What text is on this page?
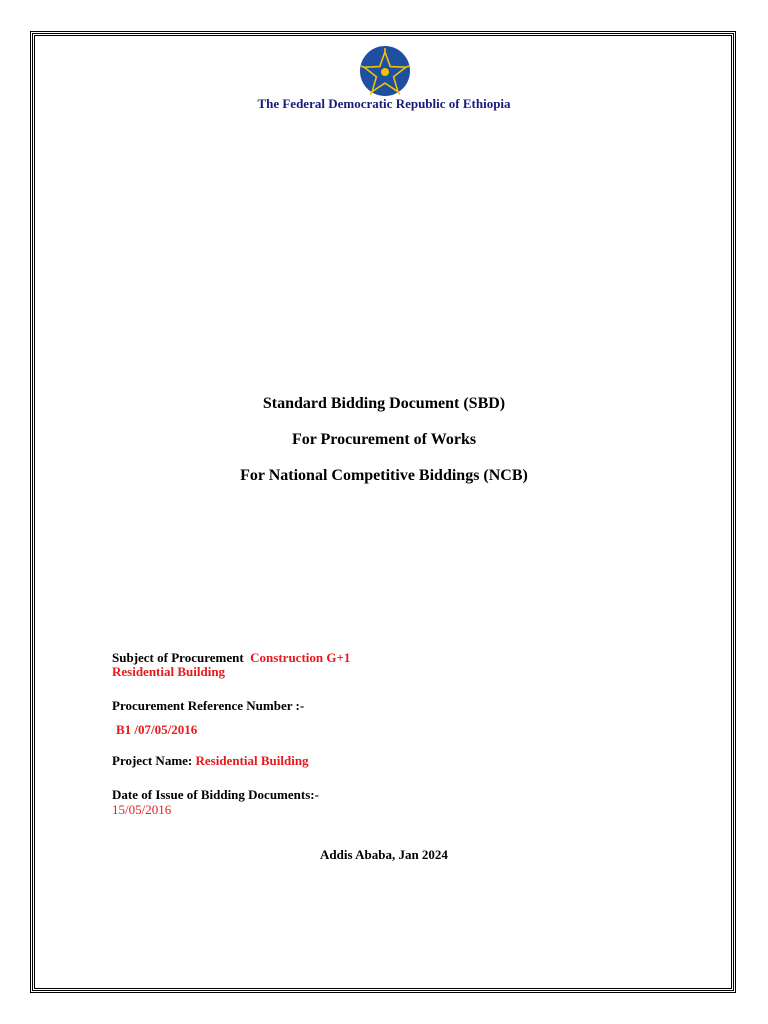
The Federal Democratic Republic of Ethiopia
Standard Bidding Document (SBD)
For Procurement of Works
For National Competitive Biddings (NCB)
Subject of Procurement Construction G+1
Residential Building
Procurement Reference Number :-
B1 /07/05/2016
Project Name: Residential Building
Date of Issue of Bidding Documents:-
15/05/2016
Addis Ababa, Jan 2024
